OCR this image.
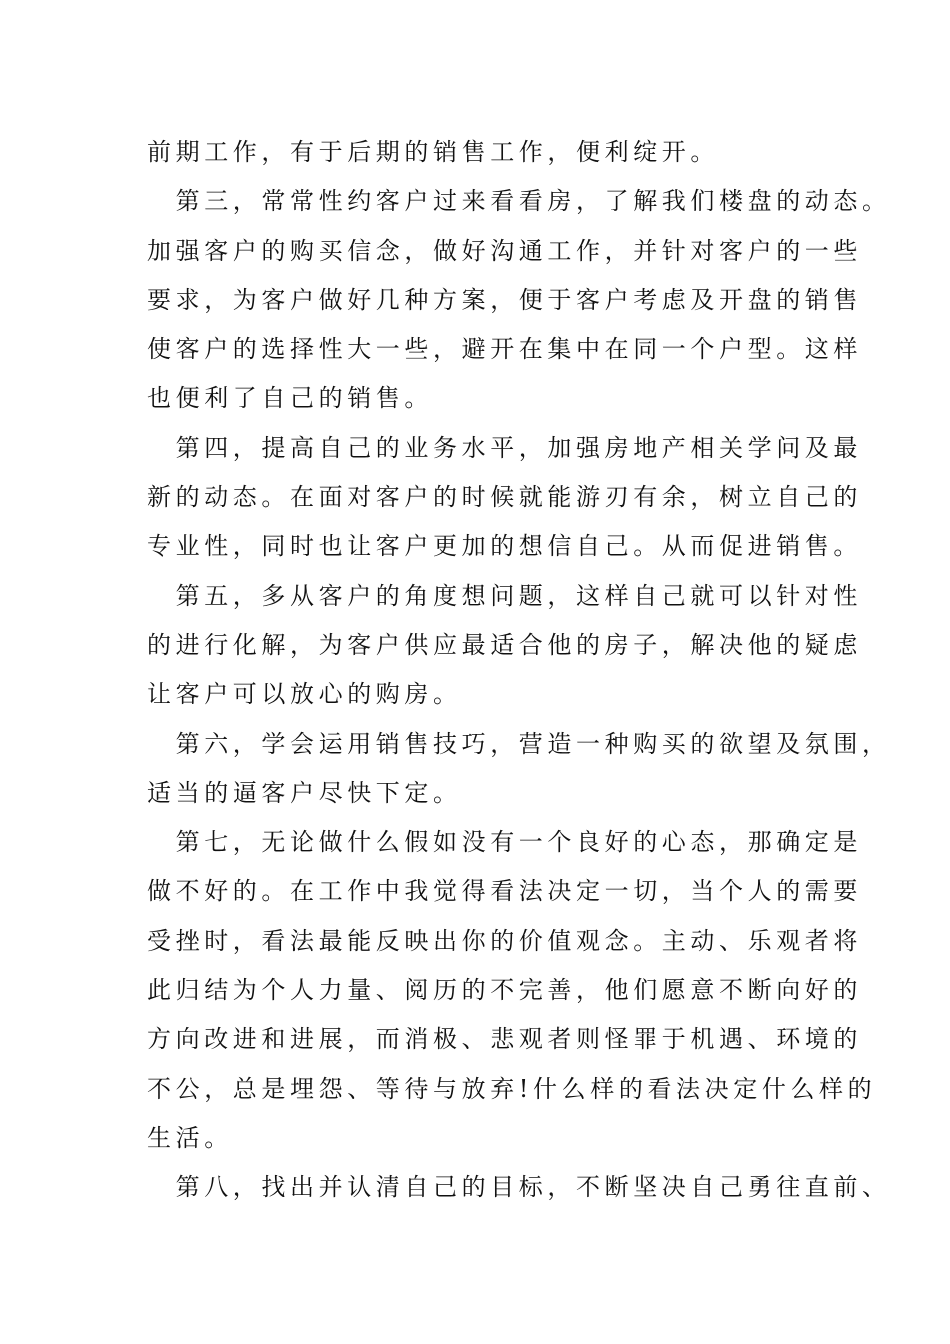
前期工作，有于后期的销售工作，便利绽开。
　第三，常常性约客户过来看看房，了解我们楼盘的动态。
加强客户的购买信念，做好沟通工作，并针对客户的一些
要求，为客户做好几种方案，便于客户考虑及开盘的销售
使客户的选择性大一些，避开在集中在同一个户型。这样
也便利了自己的销售。
　第四，提高自己的业务水平，加强房地产相关学问及最
新的动态。在面对客户的时候就能游刃有余，树立自己的
专业性，同时也让客户更加的想信自己。从而促进销售。
　第五，多从客户的角度想问题，这样自己就可以针对性
的进行化解，为客户供应最适合他的房子，解决他的疑虑
让客户可以放心的购房。
　第六，学会运用销售技巧，营造一种购买的欲望及氛围，
适当的逼客户尽快下定。
　第七，无论做什么假如没有一个良好的心态，那确定是
做不好的。在工作中我觉得看法决定一切，当个人的需要
受挫时，看法最能反映出你的价值观念。主动、乐观者将
此归结为个人力量、阅历的不完善，他们愿意不断向好的
方向改进和进展，而消极、悲观者则怪罪于机遇、环境的
不公，总是埋怨、等待与放弃!什么样的看法决定什么样的
生活。
　第八，找出并认清自己的目标，不断坚决自己勇往直前、
